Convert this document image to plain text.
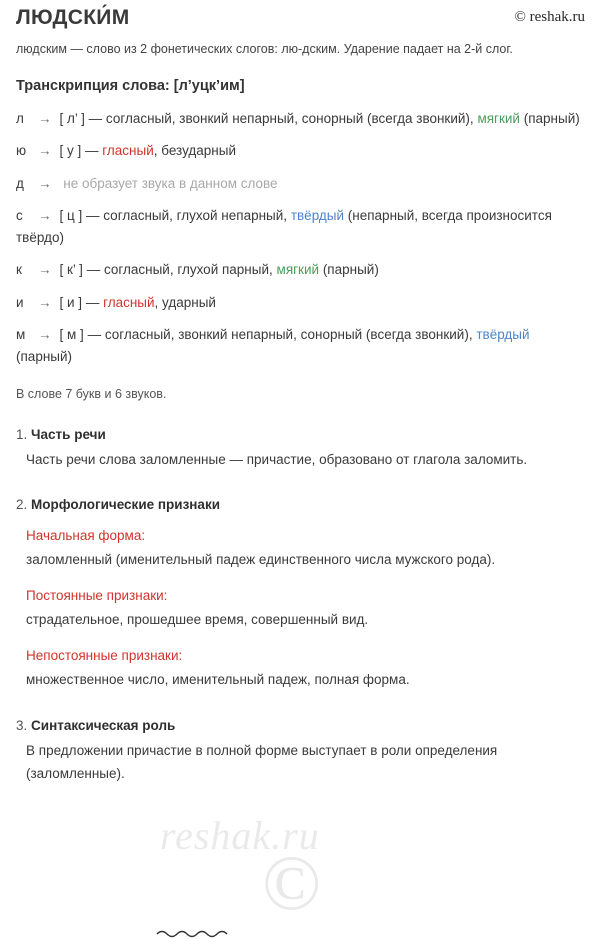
ЛЮДСКИ́М	© reshak.ru
людским — слово из 2 фонетических слогов: лю-дским. Ударение падает на 2-й слог.
Транскрипция слова: [л’уцк’им]
л → [ л’ ] — согласный, звонкий непарный, сонорный (всегда звонкий), мягкий (парный)
ю → [ у ] — гласный, безударный
д → не образует звука в данном слове
с → [ ц ] — согласный, глухой непарный, твёрдый (непарный, всегда произносится твёрдо)
к → [ к’ ] — согласный, глухой парный, мягкий (парный)
и → [ и ] — гласный, ударный
м → [ м ] — согласный, звонкий непарный, сонорный (всегда звонкий), твёрдый (парный)
В слове 7 букв и 6 звуков.
1. Часть речи
Часть речи слова заломленные — причастие, образовано от глагола заломить.
2. Морфологические признаки
Начальная форма:
заломленный (именительный падеж единственного числа мужского рода).
Постоянные признаки:
страдательное, прошедшее время, совершенный вид.
Непостоянные признаки:
множественное число, именительный падеж, полная форма.
3. Синтаксическая роль
В предложении причастие в полной форме выступает в роли определения (заломленные).
reshak.ru
©
